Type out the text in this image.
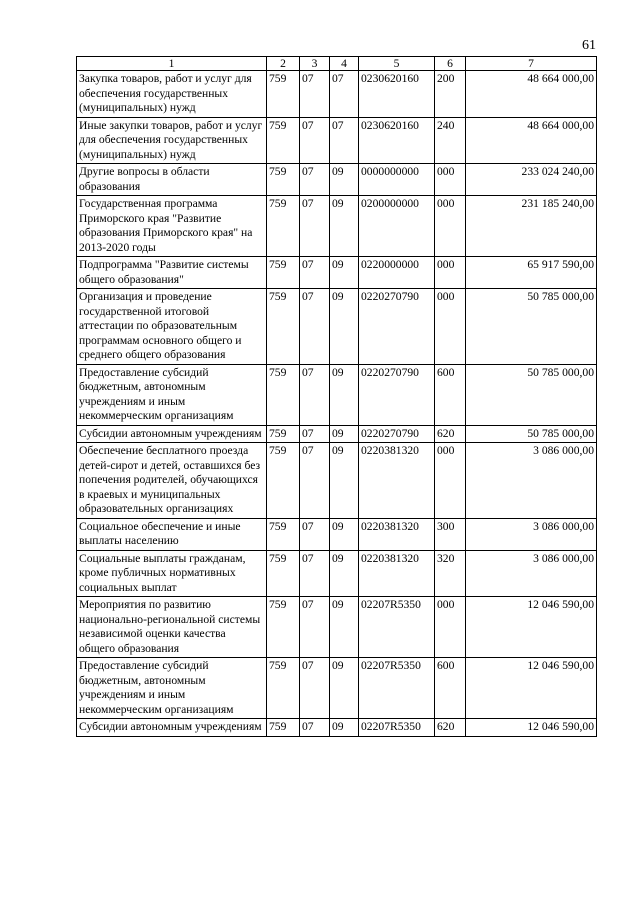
61
1	2	3	4	5	6	7
Закупка товаров, работ и услуг для обеспечения государственных (муниципальных) нужд	759	07	07	0230620160	200	48 664 000,00
Иные закупки товаров, работ и услуг для обеспечения государственных (муниципальных) нужд	759	07	07	0230620160	240	48 664 000,00
Другие вопросы в области образования	759	07	09	0000000000	000	233 024 240,00
Государственная программа Приморского края "Развитие образования Приморского края" на 2013-2020 годы	759	07	09	0200000000	000	231 185 240,00
Подпрограмма "Развитие системы общего образования"	759	07	09	0220000000	000	65 917 590,00
Организация и проведение государственной итоговой аттестации по образовательным программам основного общего и среднего общего образования	759	07	09	0220270790	000	50 785 000,00
Предоставление субсидий бюджетным, автономным учреждениям и иным некоммерческим организациям	759	07	09	0220270790	600	50 785 000,00
Субсидии автономным учреждениям	759	07	09	0220270790	620	50 785 000,00
Обеспечение бесплатного проезда детей-сирот и детей, оставшихся без попечения родителей, обучающихся в краевых и муниципальных образовательных организациях	759	07	09	0220381320	000	3 086 000,00
Социальное обеспечение и иные выплаты населению	759	07	09	0220381320	300	3 086 000,00
Социальные выплаты гражданам, кроме публичных нормативных социальных выплат	759	07	09	0220381320	320	3 086 000,00
Мероприятия по развитию национально-региональной системы независимой оценки качества общего образования	759	07	09	02207R5350	000	12 046 590,00
Предоставление субсидий бюджетным, автономным учреждениям и иным некоммерческим организациям	759	07	09	02207R5350	600	12 046 590,00
Субсидии автономным учреждениям	759	07	09	02207R5350	620	12 046 590,00
